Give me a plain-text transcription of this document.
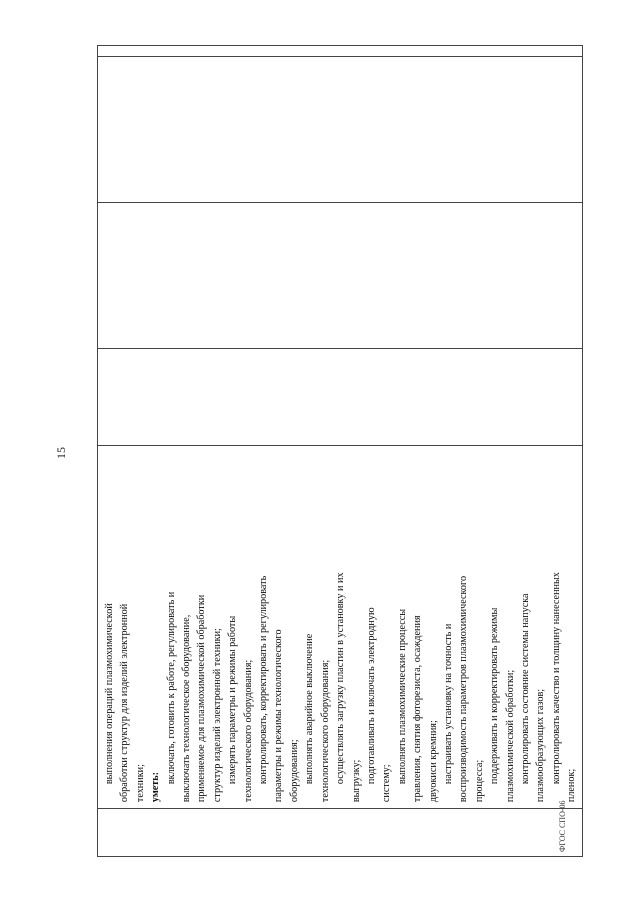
15
выполнения операций плазмохимической обработки структур для изделий электронной техники; уметь:
включать, готовить к работе, регулировать и выключать технологическое оборудование, применяемое для плазмохимической обработки структур изделий электронной техники; измерять параметры и режимы работы технологического оборудования; контролировать, корректировать и регулировать параметры и режимы технологического оборудования; выполнять аварийное выключение технологического оборудования; осуществлять загрузку пластин в установку и их выгрузку; подготавливать и включать электродную систему; выполнять плазмохимические процессы травления, снятия фоторезиста, осаждения двуокиси кремния; настраивать установку на точность и воспроизводимость параметров плазмохимического процесса; поддерживать и корректировать режимы плазмохимической обработки; контролировать состояние системы напуска плазмообразующих газов; контролировать качество и толщину нанесенных
пленок;
ФГОС СПО-06
